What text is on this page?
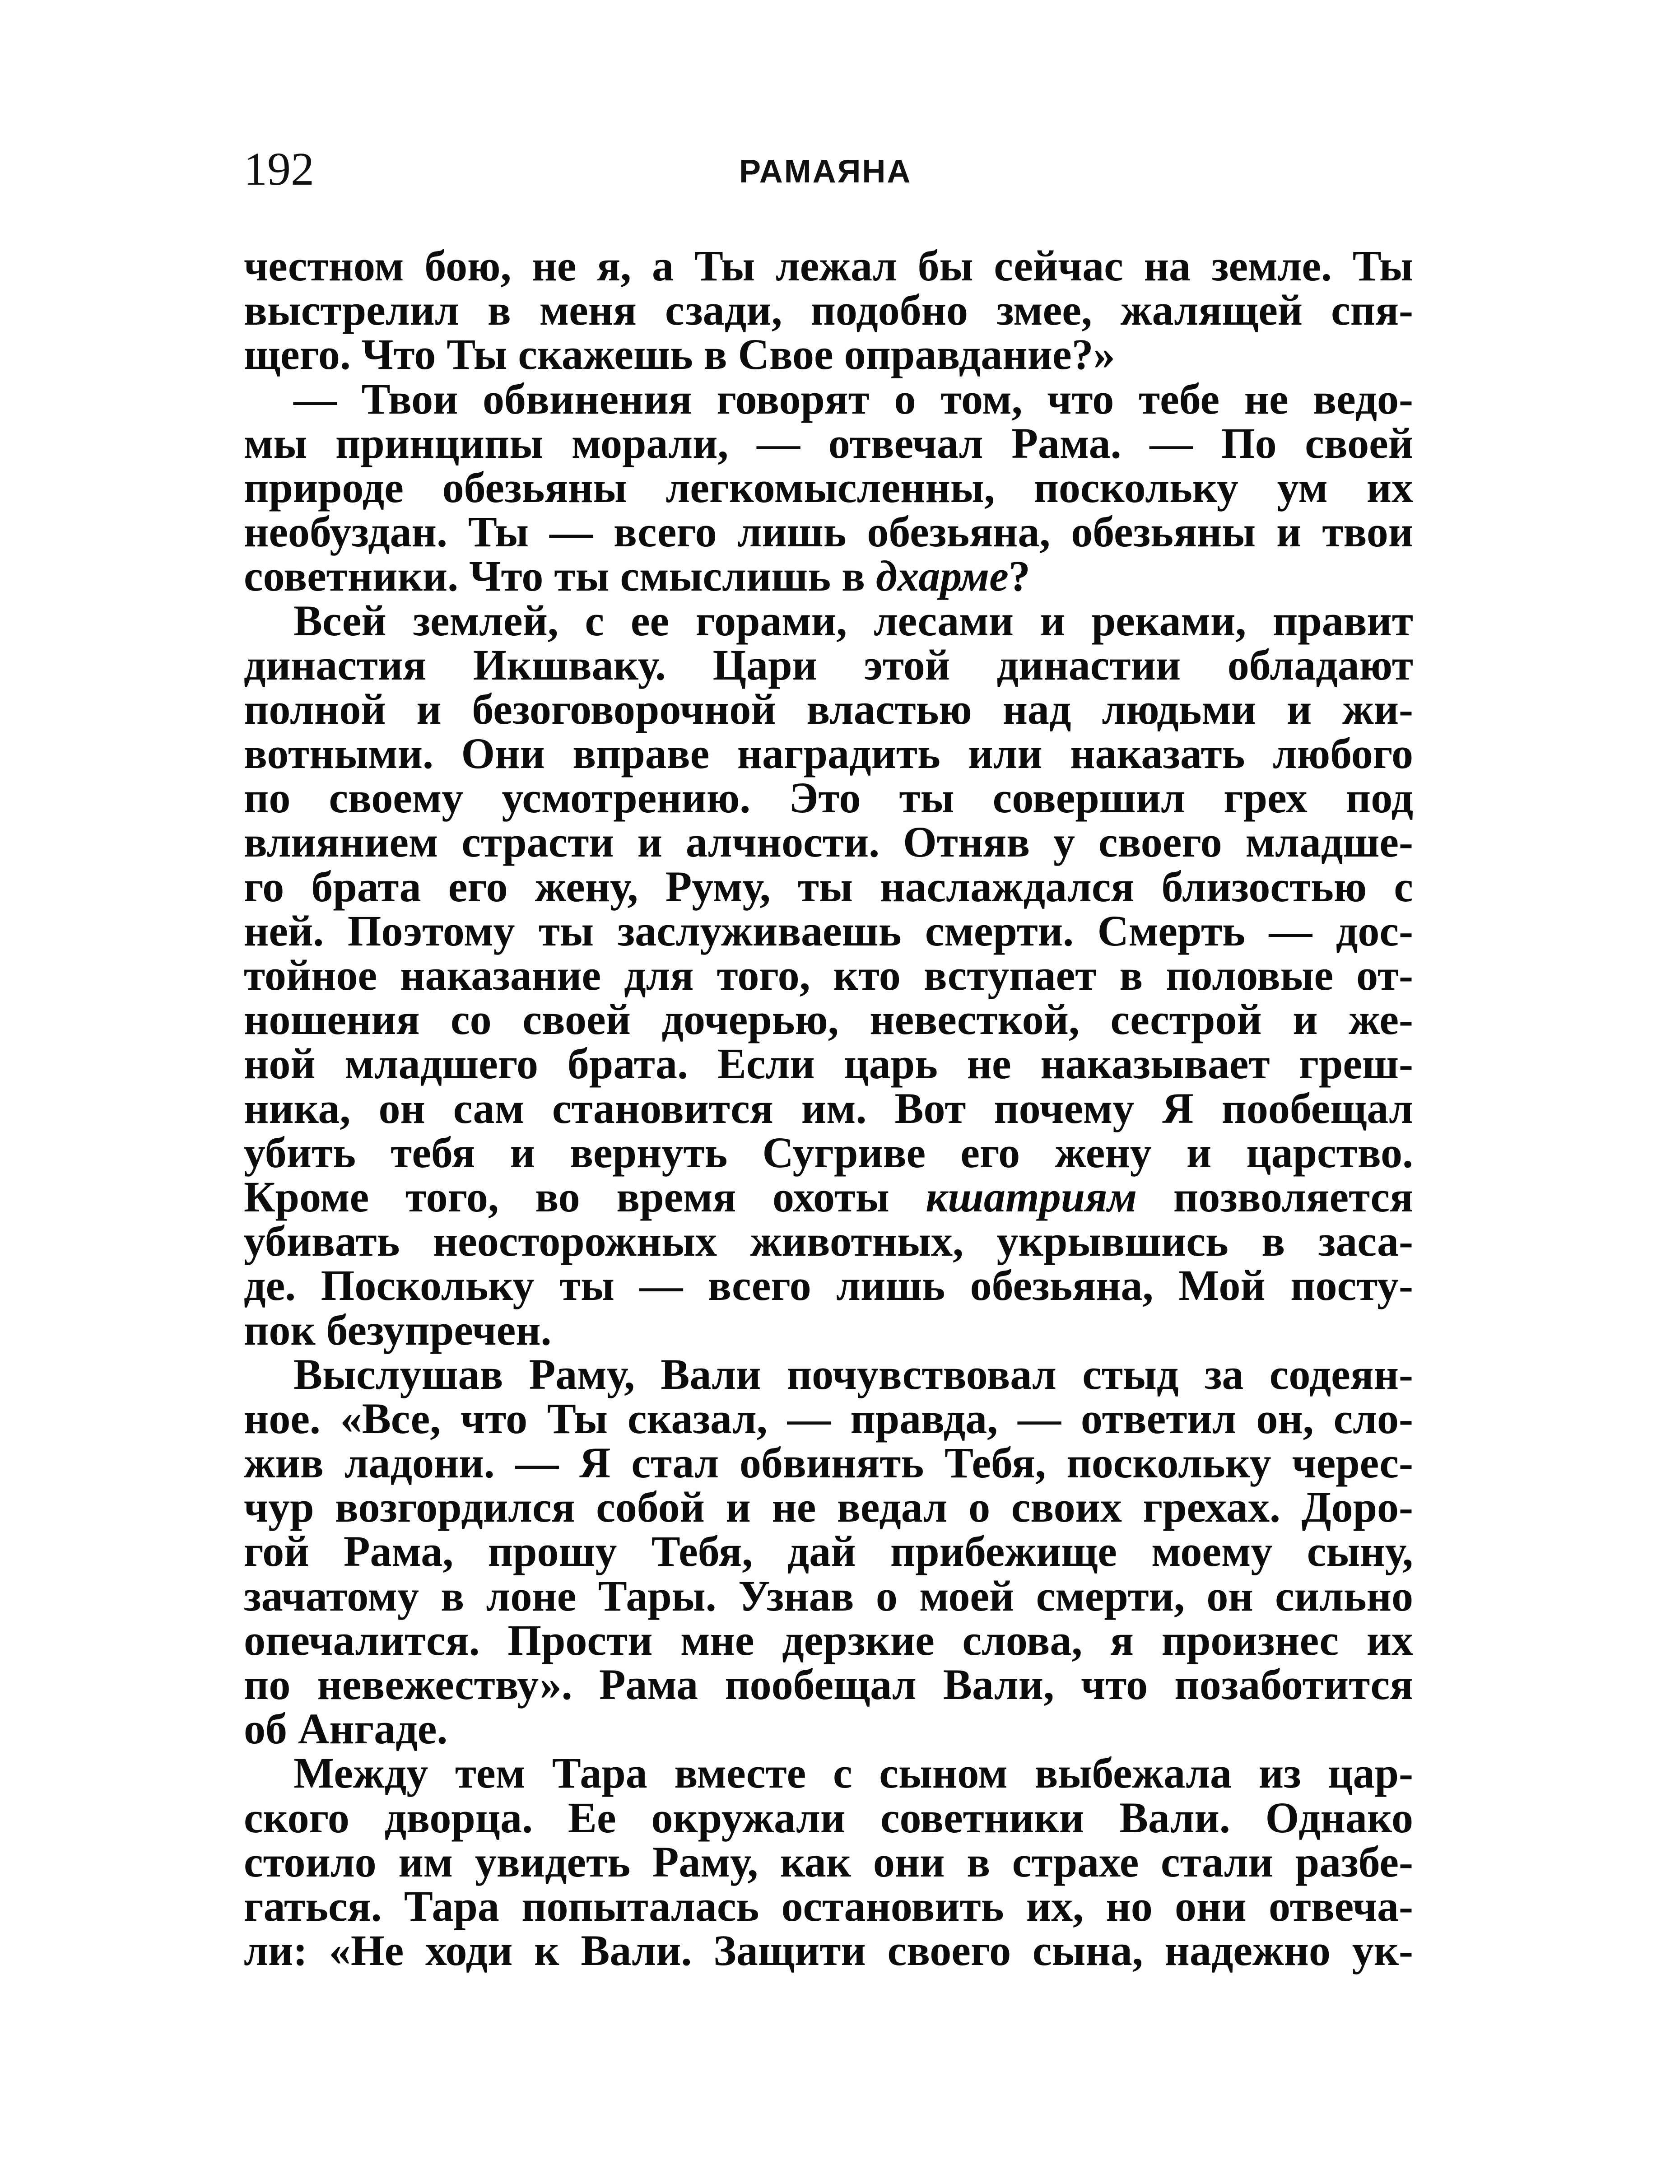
192	РАМАЯНА
честном бою, не я, а Ты лежал бы сейчас на земле. Ты
выстрелил в меня сзади, подобно змее, жалящей спя-
щего. Что Ты скажешь в Свое оправдание?»
— Твои обвинения говорят о том, что тебе не ведо-
мы принципы морали, — отвечал Рама. — По своей
природе обезьяны легкомысленны, поскольку ум их
необуздан. Ты — всего лишь обезьяна, обезьяны и твои
советники. Что ты смыслишь в дхарме?
Всей землей, с ее горами, лесами и реками, правит
династия Икшваку. Цари этой династии обладают
полной и безоговорочной властью над людьми и жи-
вотными. Они вправе наградить или наказать любого
по своему усмотрению. Это ты совершил грех под
влиянием страсти и алчности. Отняв у своего младше-
го брата его жену, Руму, ты наслаждался близостью с
ней. Поэтому ты заслуживаешь смерти. Смерть — дос-
тойное наказание для того, кто вступает в половые от-
ношения со своей дочерью, невесткой, сестрой и же-
ной младшего брата. Если царь не наказывает греш-
ника, он сам становится им. Вот почему Я пообещал
убить тебя и вернуть Сугриве его жену и царство.
Кроме того, во время охоты кшатриям позволяется
убивать неосторожных животных, укрывшись в заса-
де. Поскольку ты — всего лишь обезьяна, Мой посту-
пок безупречен.
Выслушав Раму, Вали почувствовал стыд за содеян-
ное. «Все, что Ты сказал, — правда, — ответил он, сло-
жив ладони. — Я стал обвинять Тебя, поскольку черес-
чур возгордился собой и не ведал о своих грехах. Доро-
гой Рама, прошу Тебя, дай прибежище моему сыну,
зачатому в лоне Тары. Узнав о моей смерти, он сильно
опечалится. Прости мне дерзкие слова, я произнес их
по невежеству». Рама пообещал Вали, что позаботится
об Ангаде.
Между тем Тара вместе с сыном выбежала из цар-
ского дворца. Ее окружали советники Вали. Однако
стоило им увидеть Раму, как они в страхе стали разбе-
гаться. Тара попыталась остановить их, но они отвеча-
ли: «Не ходи к Вали. Защити своего сына, надежно ук-
